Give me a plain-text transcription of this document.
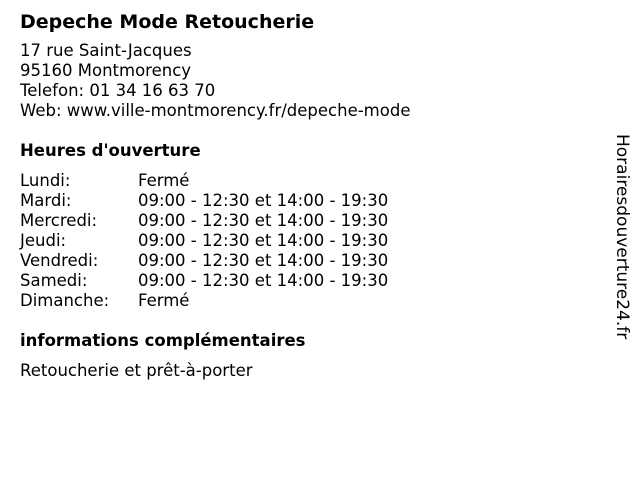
Depeche Mode Retoucherie
17 rue Saint-Jacques
95160 Montmorency
Telefon: 01 34 16 63 70
Web: www.ville-montmorency.fr/depeche-mode
Heures d'ouverture
Lundi:	Fermé
Mardi:	09:00 - 12:30 et 14:00 - 19:30
Mercredi:	09:00 - 12:30 et 14:00 - 19:30
Jeudi:	09:00 - 12:30 et 14:00 - 19:30
Vendredi:	09:00 - 12:30 et 14:00 - 19:30
Samedi:	09:00 - 12:30 et 14:00 - 19:30
Dimanche:	Fermé
informations complémentaires
Retoucherie et prêt-à-porter
Horairesdouverture24.fr
